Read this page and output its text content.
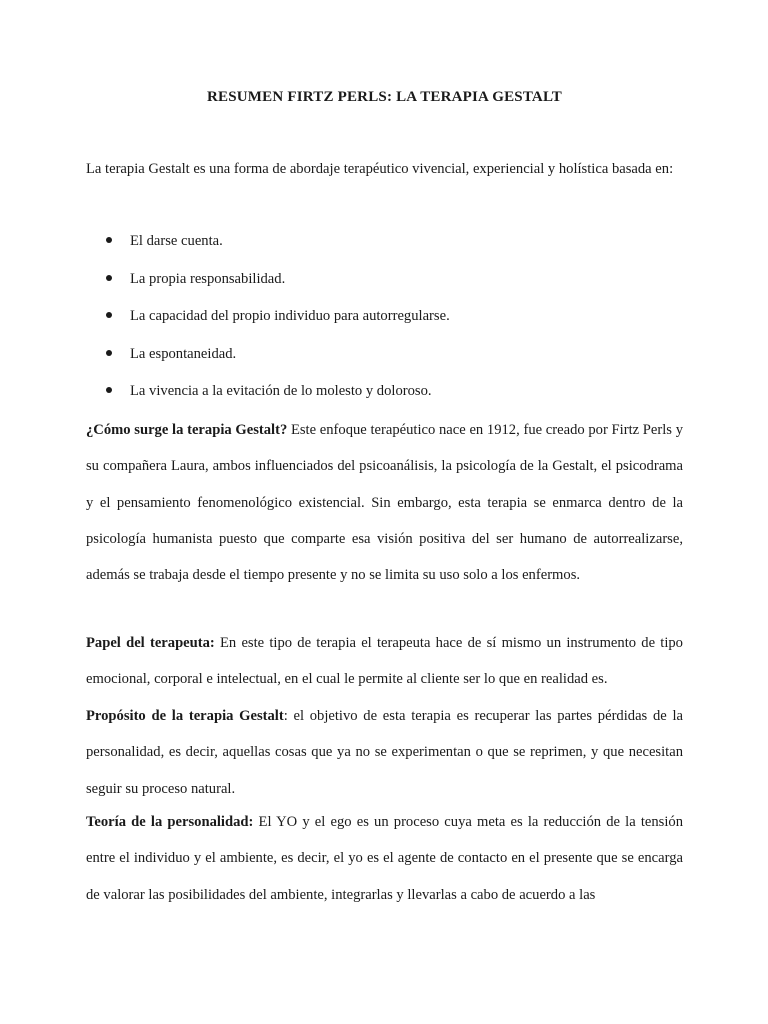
RESUMEN FIRTZ PERLS: LA TERAPIA GESTALT

La terapia Gestalt es una forma de abordaje terapéutico vivencial, experiencial y holística basada en:

El darse cuenta.
La propia responsabilidad.
La capacidad del propio individuo para autorregularse.
La espontaneidad.
La vivencia a la evitación de lo molesto y doloroso.

¿Cómo surge la terapia Gestalt? Este enfoque terapéutico nace en 1912, fue creado por Firtz Perls y su compañera Laura, ambos influenciados del psicoanálisis, la psicología de la Gestalt, el psicodrama y el pensamiento fenomenológico existencial. Sin embargo, esta terapia se enmarca dentro de la psicología humanista puesto que comparte esa visión positiva del ser humano de autorrealizarse, además se trabaja desde el tiempo presente y no se limita su uso solo a los enfermos.

Papel del terapeuta: En este tipo de terapia el terapeuta hace de sí mismo un instrumento de tipo emocional, corporal e intelectual, en el cual le permite al cliente ser lo que en realidad es.

Propósito de la terapia Gestalt: el objetivo de esta terapia es recuperar las partes pérdidas de la personalidad, es decir, aquellas cosas que ya no se experimentan o que se reprimen, y que necesitan seguir su proceso natural.

Teoría de la personalidad: El YO y el ego es un proceso cuya meta es la reducción de la tensión entre el individuo y el ambiente, es decir, el yo es el agente de contacto en el presente que se encarga de valorar las posibilidades del ambiente, integrarlas y llevarlas a cabo de acuerdo a las
